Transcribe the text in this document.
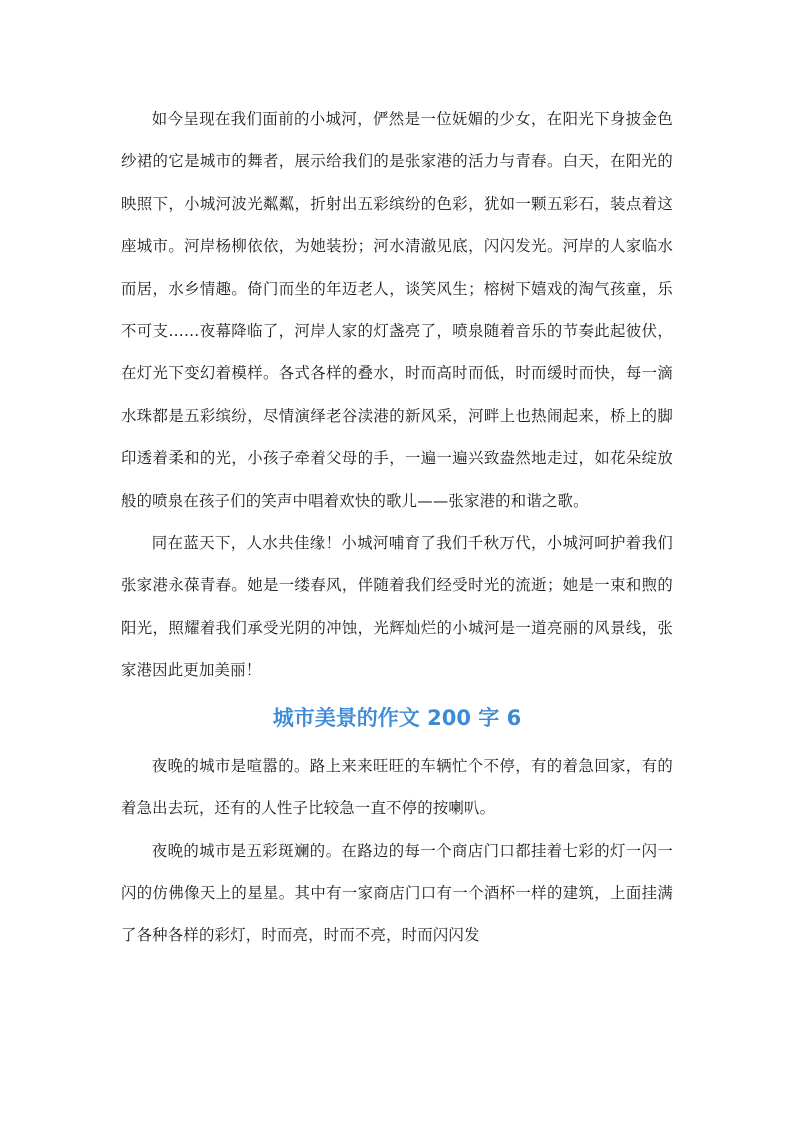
如今呈现在我们面前的小城河，俨然是一位妩媚的少女，在阳光下身披金色纱裙的它是城市的舞者，展示给我们的是张家港的活力与青春。白天，在阳光的映照下，小城河波光粼粼，折射出五彩缤纷的色彩，犹如一颗五彩石，装点着这座城市。河岸杨柳依依，为她装扮；河水清澈见底，闪闪发光。河岸的人家临水而居，水乡情趣。倚门而坐的年迈老人，谈笑风生；榕树下嬉戏的淘气孩童，乐不可支……夜幕降临了，河岸人家的灯盏亮了，喷泉随着音乐的节奏此起彼伏，在灯光下变幻着模样。各式各样的叠水，时而高时而低，时而缓时而快，每一滴水珠都是五彩缤纷，尽情演绎老谷渎港的新风采，河畔上也热闹起来，桥上的脚印透着柔和的光，小孩子牵着父母的手，一遍一遍兴致盎然地走过，如花朵绽放般的喷泉在孩子们的笑声中唱着欢快的歌儿——张家港的和谐之歌。

同在蓝天下，人水共佳缘！小城河哺育了我们千秋万代，小城河呵护着我们张家港永葆青春。她是一缕春风，伴随着我们经受时光的流逝；她是一束和煦的阳光，照耀着我们承受光阴的冲蚀，光辉灿烂的小城河是一道亮丽的风景线，张家港因此更加美丽！

城市美景的作文 200 字 6

夜晚的城市是喧嚣的。路上来来旺旺的车辆忙个不停，有的着急回家，有的着急出去玩，还有的人性子比较急一直不停的按喇叭。

夜晚的城市是五彩斑斓的。在路边的每一个商店门口都挂着七彩的灯一闪一闪的仿佛像天上的星星。其中有一家商店门口有一个酒杯一样的建筑，上面挂满了各种各样的彩灯，时而亮，时而不亮，时而闪闪发
